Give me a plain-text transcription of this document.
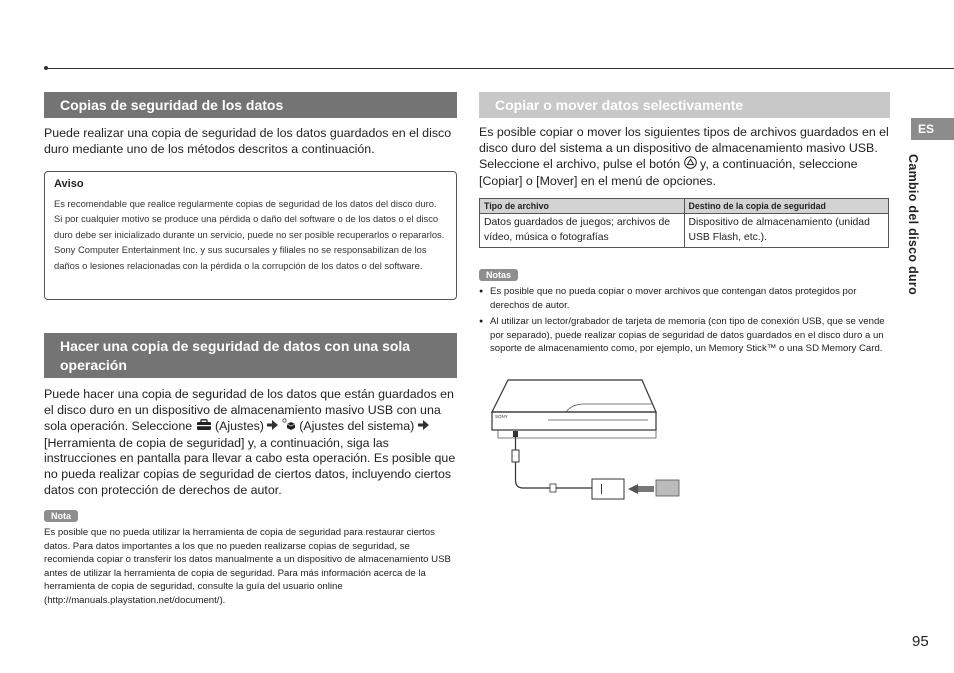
Copias de seguridad de los datos
Puede realizar una copia de seguridad de los datos guardados en el disco duro mediante uno de los métodos descritos a continuación.
Aviso
Es recomendable que realice regularmente copias de seguridad de los datos del disco duro. Si por cualquier motivo se produce una pérdida o daño del software o de los datos o el disco duro debe ser inicializado durante un servicio, puede no ser posible recuperarlos o repararlos. Sony Computer Entertainment Inc. y sus sucursales y filiales no se responsabilizan de los daños o lesiones relacionadas con la pérdida o la corrupción de los datos o del software.
Hacer una copia de seguridad de datos con una sola operación
Puede hacer una copia de seguridad de los datos que están guardados en el disco duro en un dispositivo de almacenamiento masivo USB con una sola operación. Seleccione (Ajustes)	(Ajustes del sistema)  [Herramienta de copia de seguridad] y, a continuación, siga las instrucciones en pantalla para llevar a cabo esta operación. Es posible que no pueda realizar copias de seguridad de ciertos datos, incluyendo ciertos datos con protección de derechos de autor.
Nota
Es posible que no pueda utilizar la herramienta de copia de seguridad para restaurar ciertos datos. Para datos importantes a los que no pueden realizarse copias de seguridad, se recomienda copiar o transferir los datos manualmente a un dispositivo de almacenamiento USB antes de utilizar la herramienta de copia de seguridad. Para más información acerca de la herramienta de copia de seguridad, consulte la guía del usuario online (http://manuals.playstation.net/document/).
Copiar o mover datos selectivamente
Es posible copiar o mover los siguientes tipos de archivos guardados en el disco duro del sistema a un dispositivo de almacenamiento masivo USB. Seleccione el archivo, pulse el botón y, a continuación, seleccione [Copiar] o [Mover] en el menú de opciones.
Tipo de archivo	Destino de la copia de seguridad
Datos guardados de juegos; archivos de vídeo, música o fotografías	Dispositivo de almacenamiento (unidad USB Flash, etc.).
Notas
● Es posible que no pueda copiar o mover archivos que contengan datos protegidos por derechos de autor.
● Al utilizar un lector/grabador de tarjeta de memoria (con tipo de conexión USB, que se vende por separado), puede realizar copias de seguridad de datos guardados en el disco duro a un soporte de almacenamiento como, por ejemplo, un Memory Stick™ o una SD Memory Card.
SONY
ES
Cambio del disco duro
95
